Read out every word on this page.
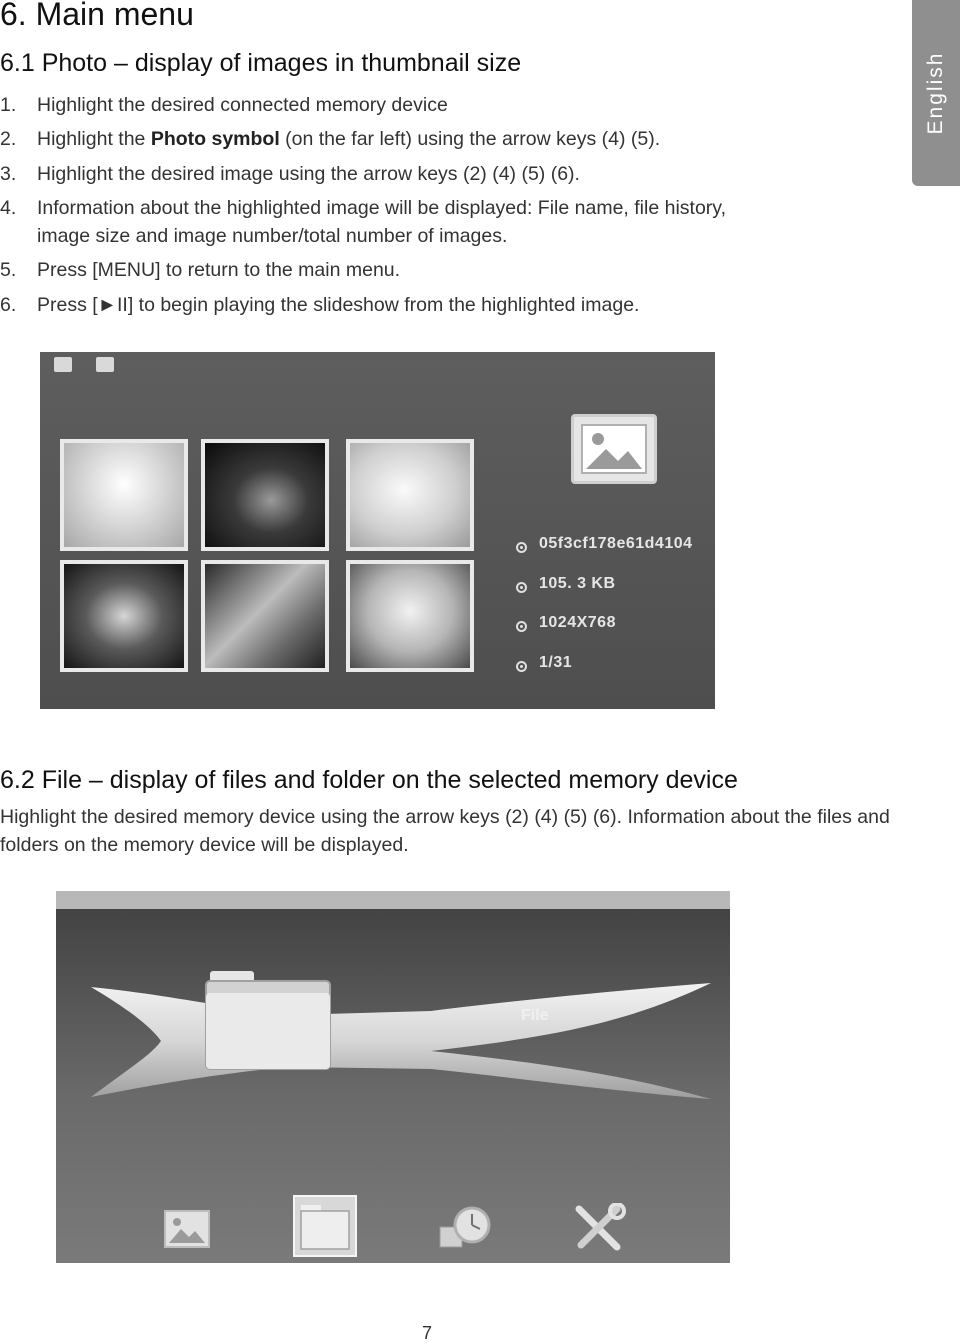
6. Main menu
English
6.1 Photo – display of images in thumbnail size
1. Highlight the desired connected memory device
2. Highlight the Photo symbol (on the far left) using the arrow keys (4) (5).
3. Highlight the desired image using the arrow keys (2) (4) (5) (6).
4. Information about the highlighted image will be displayed: File name, file history,
image size and image number/total number of images.
5. Press [MENU] to return to the main menu.
6. Press [►II] to begin playing the slideshow from the highlighted image.

05f3cf178e61d4104
105. 3 KB
1024X768
1/31
6.2 File – display of files and folder on the selected memory device

Highlight the desired memory device using the arrow keys (2) (4) (5) (6). Information about the files and folders on the memory device will be displayed.

File
7
